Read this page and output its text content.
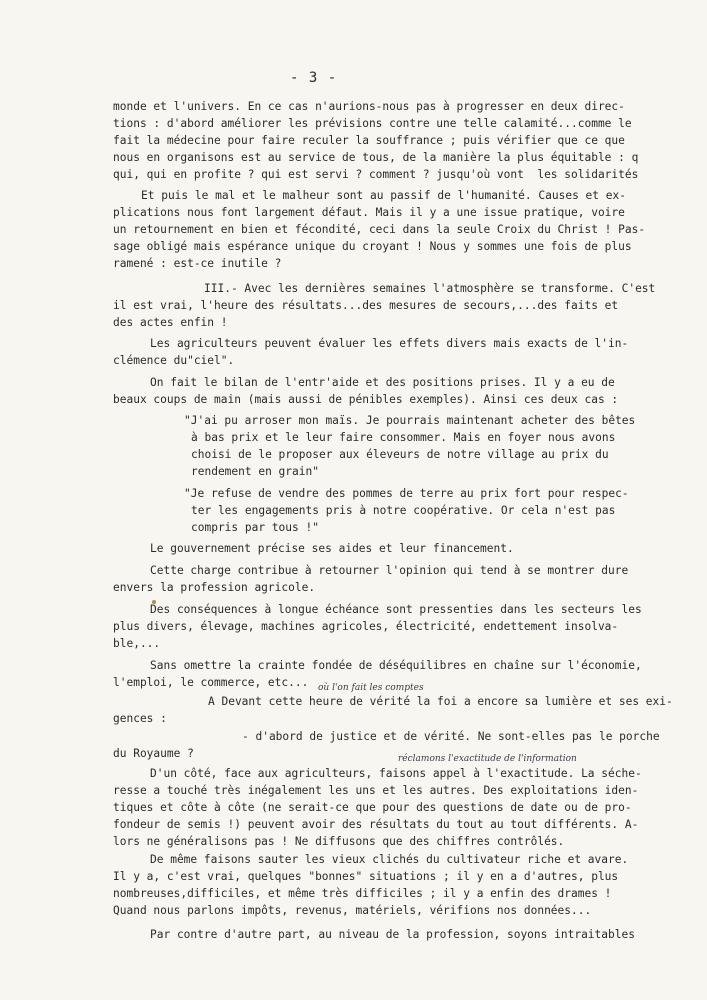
- 3 -
monde et l'univers. En ce cas n'aurions-nous pas à progresser en deux direc-
tions : d'abord améliorer les prévisions contre une telle calamité...comme le
fait la médecine pour faire reculer la souffrance ; puis vérifier que ce que
nous en organisons est au service de tous, de la manière la plus équitable : q
qui, qui en profite ? qui est servi ? comment ? jusqu'où vont  les solidarités
Et puis le mal et le malheur sont au passif de l'humanité. Causes et ex-
plications nous font largement défaut. Mais il y a une issue pratique, voire
un retournement en bien et fécondité, ceci dans la seule Croix du Christ ! Pas-
sage obligé mais espérance unique du croyant ! Nous y sommes une fois de plus
ramené : est-ce inutile ?
III.- Avec les dernières semaines l'atmosphère se transforme. C'est
il est vrai, l'heure des résultats...des mesures de secours,...des faits et
des actes enfin !
Les agriculteurs peuvent évaluer les effets divers mais exacts de l'in-
clémence du"ciel".
On fait le bilan de l'entr'aide et des positions prises. Il y a eu de
beaux coups de main (mais aussi de pénibles exemples). Ainsi ces deux cas :
"J'ai pu arroser mon maïs. Je pourrais maintenant acheter des bêtes
à bas prix et le leur faire consommer. Mais en foyer nous avons
choisi de le proposer aux éleveurs de notre village au prix du
rendement en grain"
"Je refuse de vendre des pommes de terre au prix fort pour respec-
ter les engagements pris à notre coopérative. Or cela n'est pas
compris par tous !"
Le gouvernement précise ses aides et leur financement.
Cette charge contribue à retourner l'opinion qui tend à se montrer dure
envers la profession agricole.
Des conséquences à longue échéance sont pressenties dans les secteurs les
plus divers, élevage, machines agricoles, électricité, endettement insolva-
ble,...
Sans omettre la crainte fondée de déséquilibres en chaîne sur l'économie,
l'emploi, le commerce, etc... où l'on fait les comptes
A Devant cette heure de vérité la foi a encore sa lumière et ses exi-
gences :
- d'abord de justice et de vérité. Ne sont-elles pas le porche
du Royaume ?	réclamons l'exactitude de l'information
D'un côté, face aux agriculteurs, faisons appel à l'exactitude. La séche-
resse a touché très inégalement les uns et les autres. Des exploitations iden-
tiques et côte à côte (ne serait-ce que pour des questions de date ou de pro-
fondeur de semis !) peuvent avoir des résultats du tout au tout différents. A-
lors ne généralisons pas ! Ne diffusons que des chiffres contrôlés.
De même faisons sauter les vieux clichés du cultivateur riche et avare.
Il y a, c'est vrai, quelques "bonnes" situations ; il y en a d'autres, plus
nombreuses,difficiles, et même très difficiles ; il y a enfin des drames !
Quand nous parlons impôts, revenus, matériels, vérifions nos données...
Par contre d'autre part, au niveau de la profession, soyons intraitables
